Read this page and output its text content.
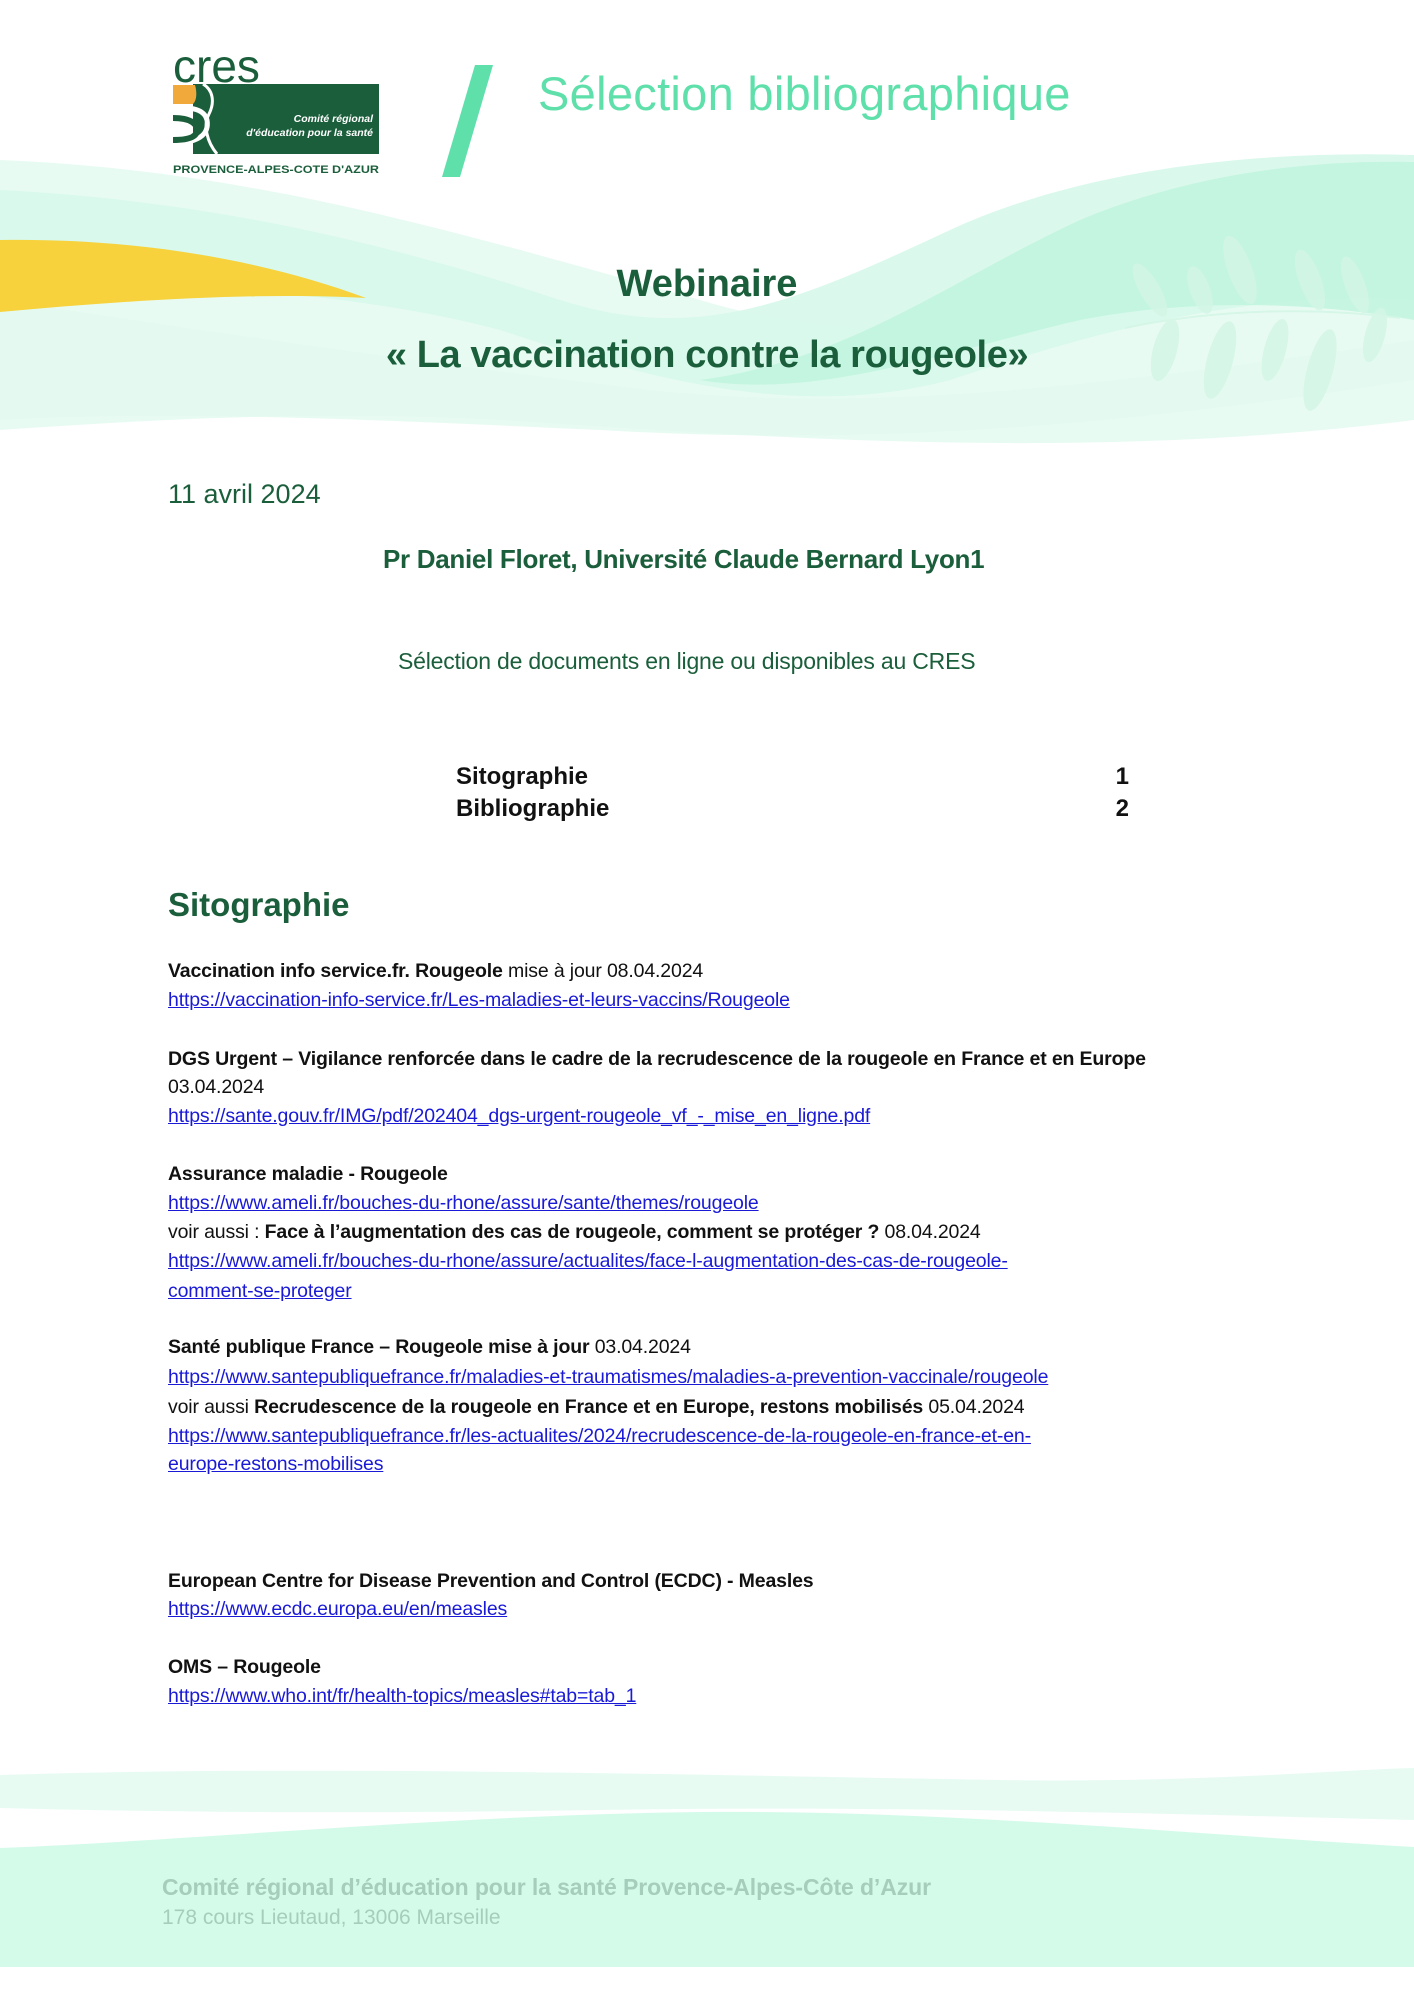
cres
Comité régional
d'éducation pour la santé
PROVENCE-ALPES-COTE D'AZUR
Sélection bibliographique
Webinaire
« La vaccination contre la rougeole»
11 avril 2024
Pr Daniel Floret, Université Claude Bernard Lyon1
Sélection de documents en ligne ou disponibles au CRES
Sitographie	1
Bibliographie	2
Sitographie
Vaccination info service.fr. Rougeole mise à jour 08.04.2024
https://vaccination-info-service.fr/Les-maladies-et-leurs-vaccins/Rougeole
DGS Urgent – Vigilance renforcée dans le cadre de la recrudescence de la rougeole en France et en Europe
03.04.2024
https://sante.gouv.fr/IMG/pdf/202404_dgs-urgent-rougeole_vf_-_mise_en_ligne.pdf
Assurance maladie - Rougeole
https://www.ameli.fr/bouches-du-rhone/assure/sante/themes/rougeole
voir aussi : Face à l’augmentation des cas de rougeole, comment se protéger ? 08.04.2024
https://www.ameli.fr/bouches-du-rhone/assure/actualites/face-l-augmentation-des-cas-de-rougeole-
comment-se-proteger
Santé publique France – Rougeole mise à jour 03.04.2024
https://www.santepubliquefrance.fr/maladies-et-traumatismes/maladies-a-prevention-vaccinale/rougeole
voir aussi Recrudescence de la rougeole en France et en Europe, restons mobilisés 05.04.2024
https://www.santepubliquefrance.fr/les-actualites/2024/recrudescence-de-la-rougeole-en-france-et-en-
europe-restons-mobilises
European Centre for Disease Prevention and Control (ECDC) - Measles
https://www.ecdc.europa.eu/en/measles
OMS – Rougeole
https://www.who.int/fr/health-topics/measles#tab=tab_1
Comité régional d’éducation pour la santé Provence-Alpes-Côte d’Azur
178 cours Lieutaud, 13006 Marseille
